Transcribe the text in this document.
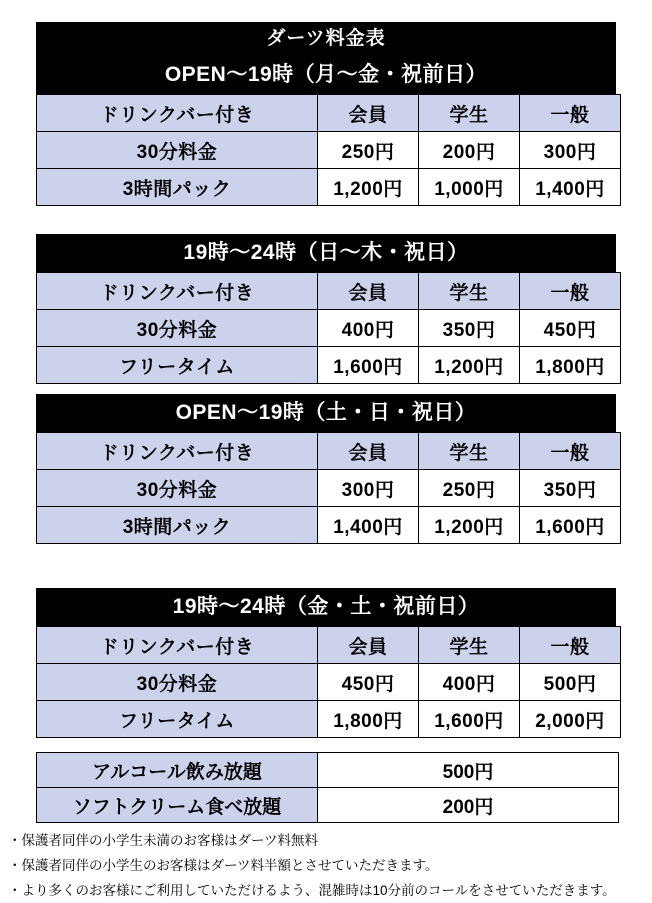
ダーツ料金表
OPEN〜19時（月〜金・祝前日）
ドリンクバー付き	会員	学生	一般
30分料金	250円	200円	300円
3時間パック	1,200円	1,000円	1,400円
19時〜24時（日〜木・祝日）
ドリンクバー付き	会員	学生	一般
30分料金	400円	350円	450円
フリータイム	1,600円	1,200円	1,800円
OPEN〜19時（土・日・祝日）
ドリンクバー付き	会員	学生	一般
30分料金	300円	250円	350円
3時間パック	1,400円	1,200円	1,600円
19時〜24時（金・土・祝前日）
ドリンクバー付き	会員	学生	一般
30分料金	450円	400円	500円
フリータイム	1,800円	1,600円	2,000円
アルコール飲み放題	500円
ソフトクリーム食べ放題	200円
・保護者同伴の小学生未満のお客様はダーツ料無料
・保護者同伴の小学生のお客様はダーツ料半額とさせていただきます。
・より多くのお客様にご利用していただけるよう、混雑時は10分前のコールをさせていただきます。
